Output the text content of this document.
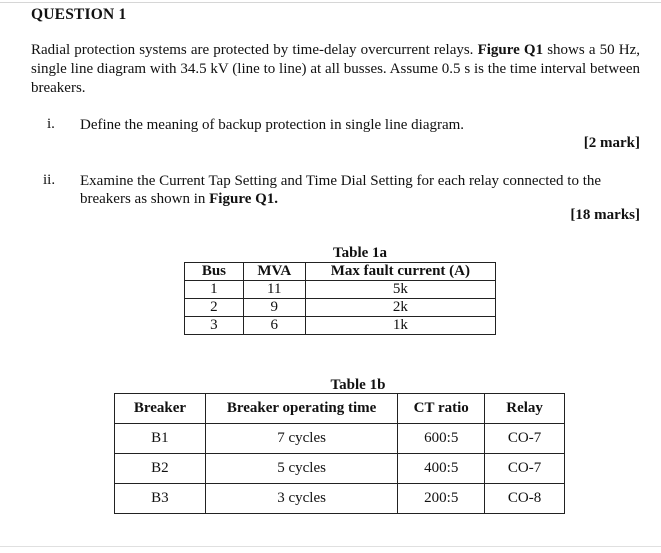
QUESTION 1
Radial protection systems are protected by time-delay overcurrent relays. Figure Q1 shows a 50 Hz, single line diagram with 34.5 kV (line to line) at all busses. Assume 0.5 s is the time interval between breakers.
i. Define the meaning of backup protection in single line diagram.
[2 mark]
ii. Examine the Current Tap Setting and Time Dial Setting for each relay connected to the breakers as shown in Figure Q1.
[18 marks]
Table 1a
Bus	MVA	Max fault current (A)
1	11	5k
2	9	2k
3	6	1k
Table 1b
Breaker	Breaker operating time	CT ratio	Relay
B1	7 cycles	600:5	CO-7
B2	5 cycles	400:5	CO-7
B3	3 cycles	200:5	CO-8
